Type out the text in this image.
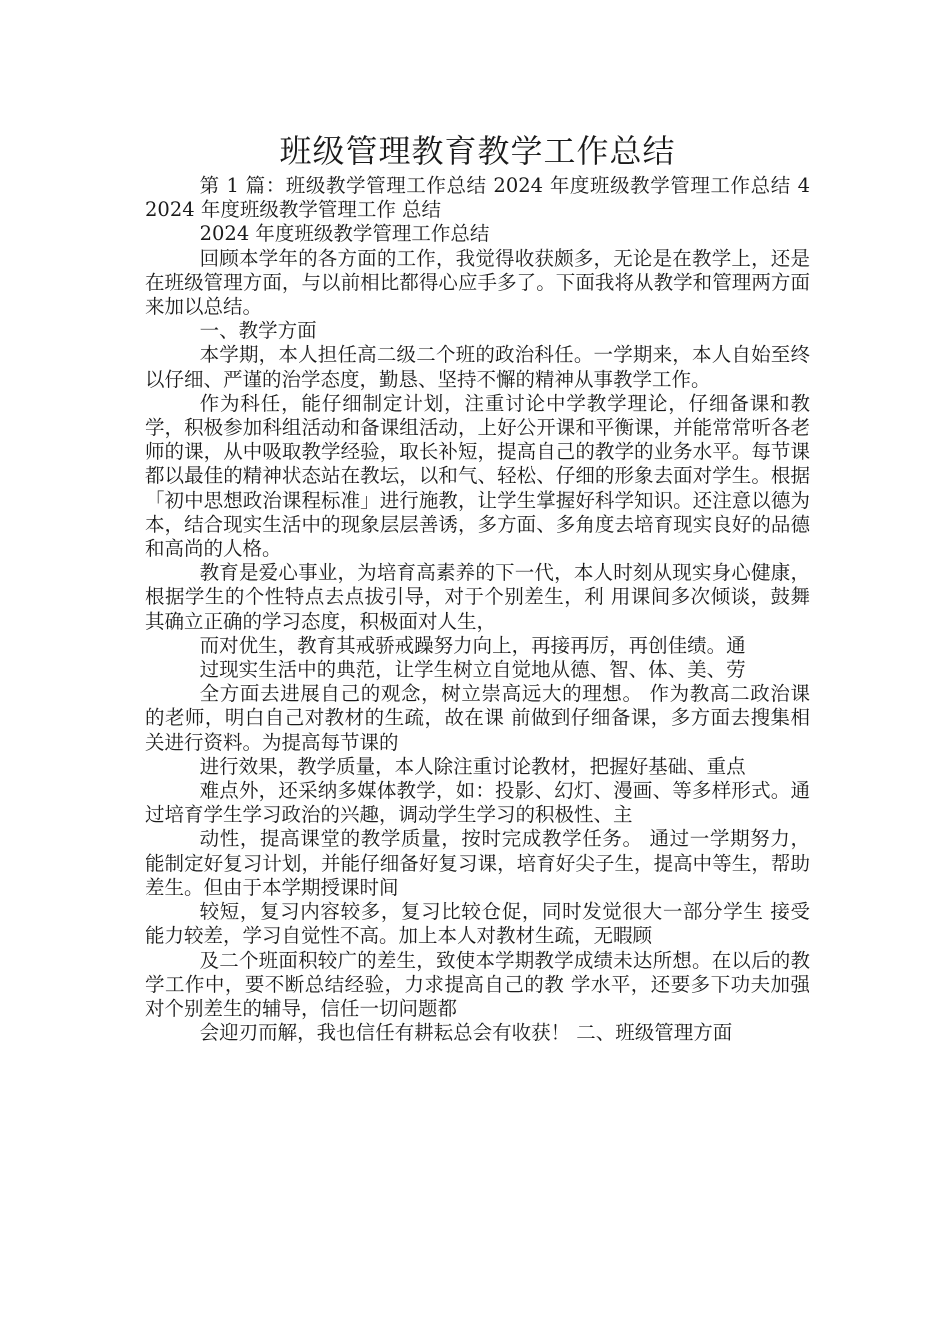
班级管理教育教学工作总结

第 1 篇：班级教学管理工作总结 2024 年度班级教学管理工作总结 4 2024 年度班级教学管理工作 总结

2024 年度班级教学管理工作总结

回顾本学年的各方面的工作，我觉得收获颇多，无论是在教学上，还是在班级管理方面，与以前相比都得心应手多了。下面我将从教学和管理两方面来加以总结。

一、教学方面

本学期，本人担任高二级二个班的政治科任。一学期来，本人自始至终以仔细、严谨的治学态度，勤恳、坚持不懈的精神从事教学工作。

作为科任，能仔细制定计划，注重讨论中学教学理论，仔细备课和教学，积极参加科组活动和备课组活动，上好公开课和平衡课，并能常常听各老师的课，从中吸取教学经验，取长补短，提高自己的教学的业务水平。每节课都以最佳的精神状态站在教坛，以和气、轻松、仔细的形象去面对学生。根据「初中思想政治课程标准」进行施教，让学生掌握好科学知识。还注意以德为本，结合现实生活中的现象层层善诱，多方面、多角度去培育现实良好的品德和高尚的人格。

教育是爱心事业，为培育高素养的下一代，本人时刻从现实身心健康，根据学生的个性特点去点拔引导，对于个别差生，利 用课间多次倾谈，鼓舞其确立正确的学习态度，积极面对人生，

而对优生，教育其戒骄戒躁努力向上，再接再厉，再创佳绩。通

过现实生活中的典范，让学生树立自觉地从德、智、体、美、劳

全方面去进展自己的观念，树立崇高远大的理想。 作为教高二政治课的老师，明白自己对教材的生疏，故在课 前做到仔细备课，多方面去搜集相关进行资料。为提高每节课的

进行效果，教学质量，本人除注重讨论教材，把握好基础、重点

难点外，还采纳多媒体教学，如：投影、幻灯、漫画、等多样形式。通过培育学生学习政治的兴趣，调动学生学习的积极性、主

动性，提高课堂的教学质量，按时完成教学任务。 通过一学期努力，能制定好复习计划，并能仔细备好复习课，培育好尖子生，提高中等生，帮助差生。但由于本学期授课时间

较短，复习内容较多，复习比较仓促，同时发觉很大一部分学生 接受能力较差，学习自觉性不高。加上本人对教材生疏，无暇顾

及二个班面积较广的差生，致使本学期教学成绩未达所想。在以后的教学工作中，要不断总结经验，力求提高自己的教 学水平，还要多下功夫加强对个别差生的辅导，信任一切问题都

会迎刃而解，我也信任有耕耘总会有收获！ 二、班级管理方面
